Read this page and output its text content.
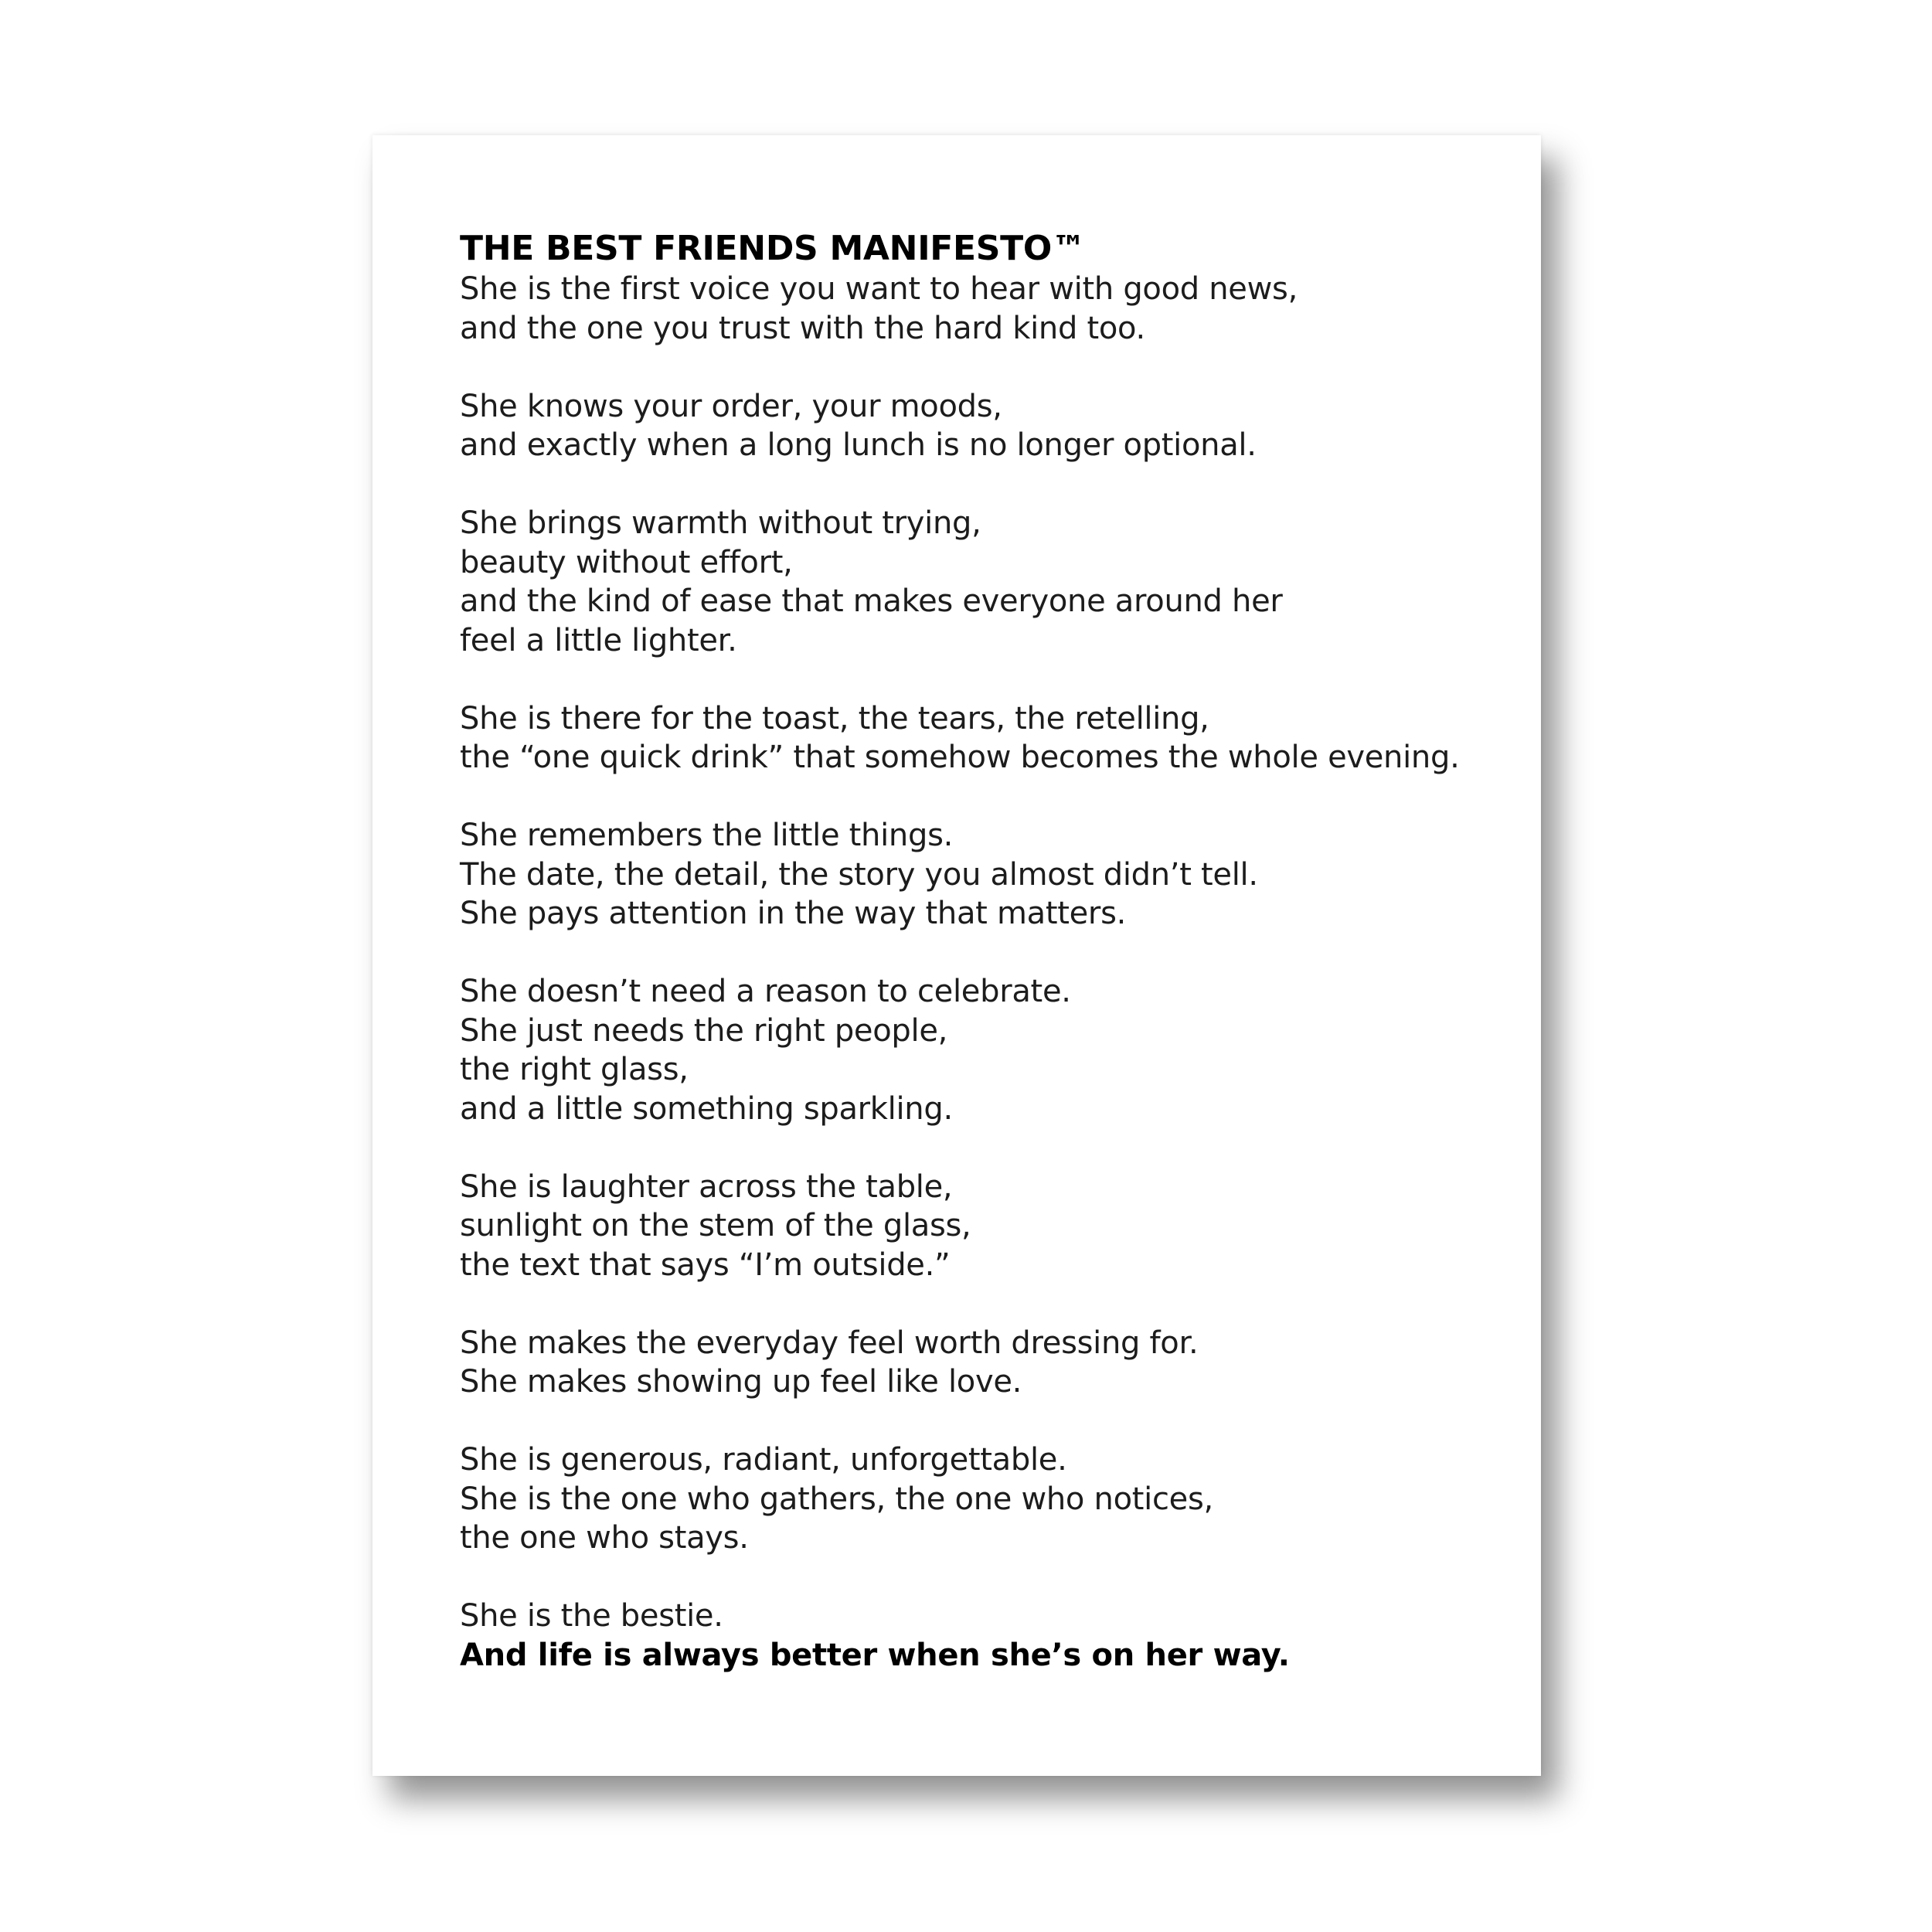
THE BEST FRIENDS MANIFESTO™
She is the first voice you want to hear with good news,
and the one you trust with the hard kind too.
She knows your order, your moods,
and exactly when a long lunch is no longer optional.
She brings warmth without trying,
beauty without effort,
and the kind of ease that makes everyone around her
feel a little lighter.
She is there for the toast, the tears, the retelling,
the “one quick drink” that somehow becomes the whole evening.
She remembers the little things.
The date, the detail, the story you almost didn’t tell.
She pays attention in the way that matters.
She doesn’t need a reason to celebrate.
She just needs the right people,
the right glass,
and a little something sparkling.
She is laughter across the table,
sunlight on the stem of the glass,
the text that says “I’m outside.”
She makes the everyday feel worth dressing for.
She makes showing up feel like love.
She is generous, radiant, unforgettable.
She is the one who gathers, the one who notices,
the one who stays.
She is the bestie.
And life is always better when she’s on her way.
